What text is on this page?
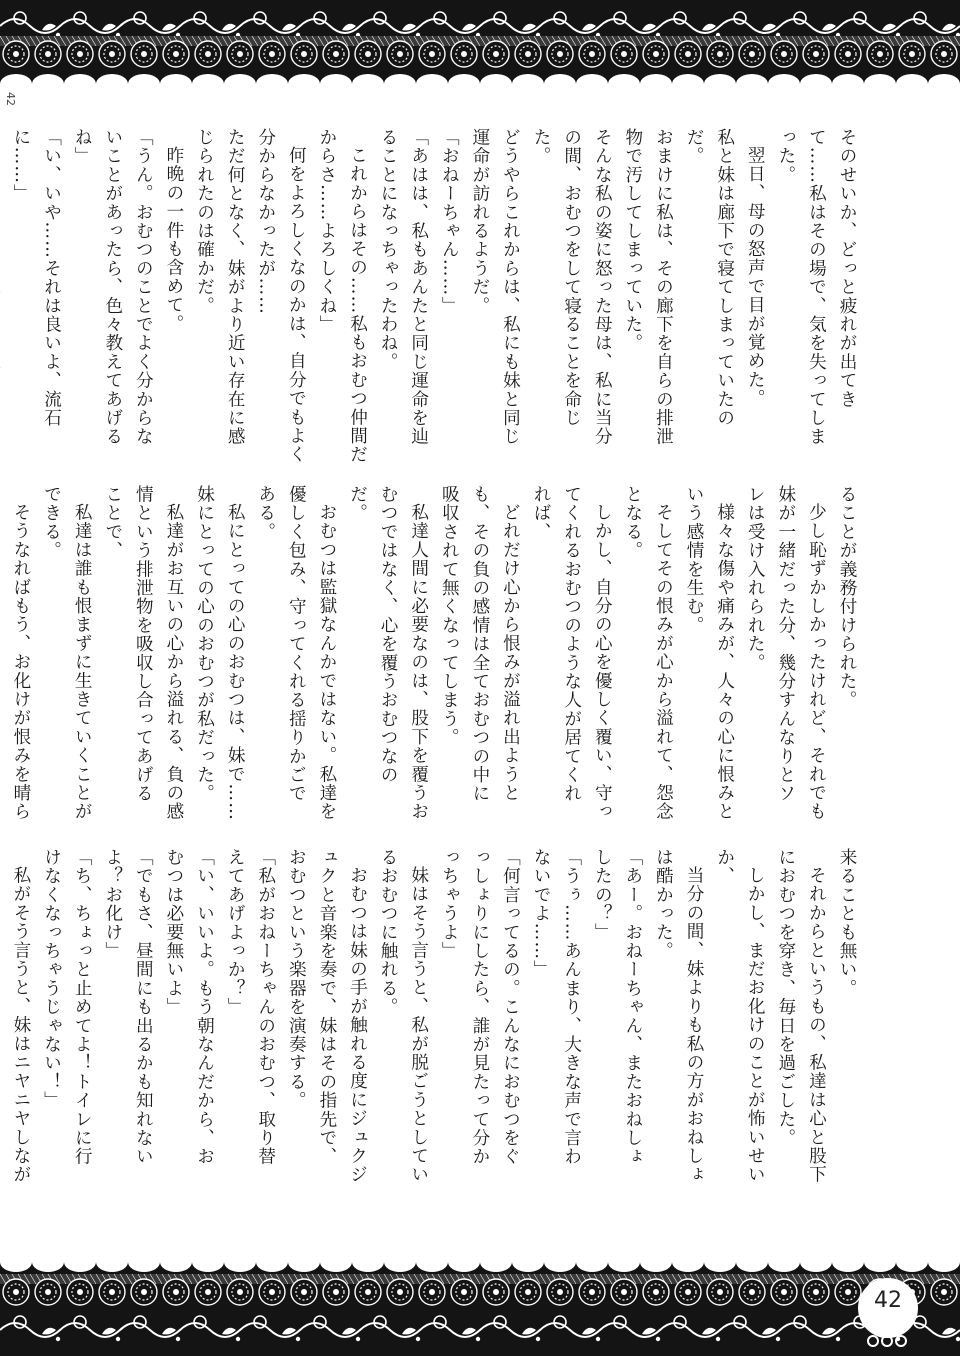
42

そのせいか、どっと疲れが出てきて……私はその場で、気を失ってしまった。

翌日、母の怒声で目が覚めた。

私と妹は廊下で寝てしまっていたのだ。

おまけに私は、その廊下を自らの排泄物で汚してしまっていた。

そんな私の姿に怒った母は、私に当分の間、おむつをして寝ることを命じた。

どうやらこれからは、私にも妹と同じ運命が訪れるようだ。

「おねーちゃん……」

「あはは、私もあんたと同じ運命を辿ることになっちゃったわね。

これからはその……私もおむつ仲間だからさ……よろしくね」

何をよろしくなのかは、自分でもよく分からなかったが……

ただ何となく、妹がより近い存在に感じられたのは確かだ。

昨晩の一件も含めて。

「うん。おむつのことでよく分からないことがあったら、色々教えてあげるね」

「い、いや……それは良いよ、流石に……」

ることが義務付けられた。

少し恥ずかしかったけれど、それでも妹が一緒だった分、幾分すんなりとソレは受け入れられた。

様々な傷や痛みが、人々の心に恨みという感情を生む。

そしてその恨みが心から溢れて、怨念となる。

しかし、自分の心を優しく覆い、守ってくれるおむつのような人が居てくれれば、

どれだけ心から恨みが溢れ出ようとも、その負の感情は全ておむつの中に吸収されて無くなってしまう。

私達人間に必要なのは、股下を覆うおむつではなく、心を覆うおむつなのだ。

おむつは監獄なんかではない。私達を優しく包み、守ってくれる揺りかごである。

私にとっての心のおむつは、妹で……妹にとっての心のおむつが私だった。

私達がお互いの心から溢れる、負の感情という排泄物を吸収し合ってあげることで、

私達は誰も恨まずに生きていくことができる。

そうなればもう、お化けが恨みを晴ら

来ることも無い。

それからというもの、私達は心と股下におむつを穿き、毎日を過ごした。

しかし、まだお化けのことが怖いせいか、

当分の間、妹よりも私の方がおねしょは酷かった。

「あー。おねーちゃん、またおねしょしたの？」

「うぅ……あんまり、大きな声で言わないでよ……」

「何言ってるの。こんなにおむつをぐっしょりにしたら、誰が見たって分かっちゃうよ」

妹はそう言うと、私が脱ごうとしているおむつに触れる。

おむつは妹の手が触れる度にジュクジュクと音楽を奏で、妹はその指先で、おむつという楽器を演奏する。

「私がおねーちゃんのおむつ、取り替えてあげよっか？」

「い、いいよ。もう朝なんだから、おむつは必要無いよ」

「でもさ、昼間にも出るかも知れないよ？お化け」

「ち、ちょっと止めてよ！トイレに行けなくなっちゃうじゃない！」

私がそう言うと、妹はニヤニヤしなが

42
